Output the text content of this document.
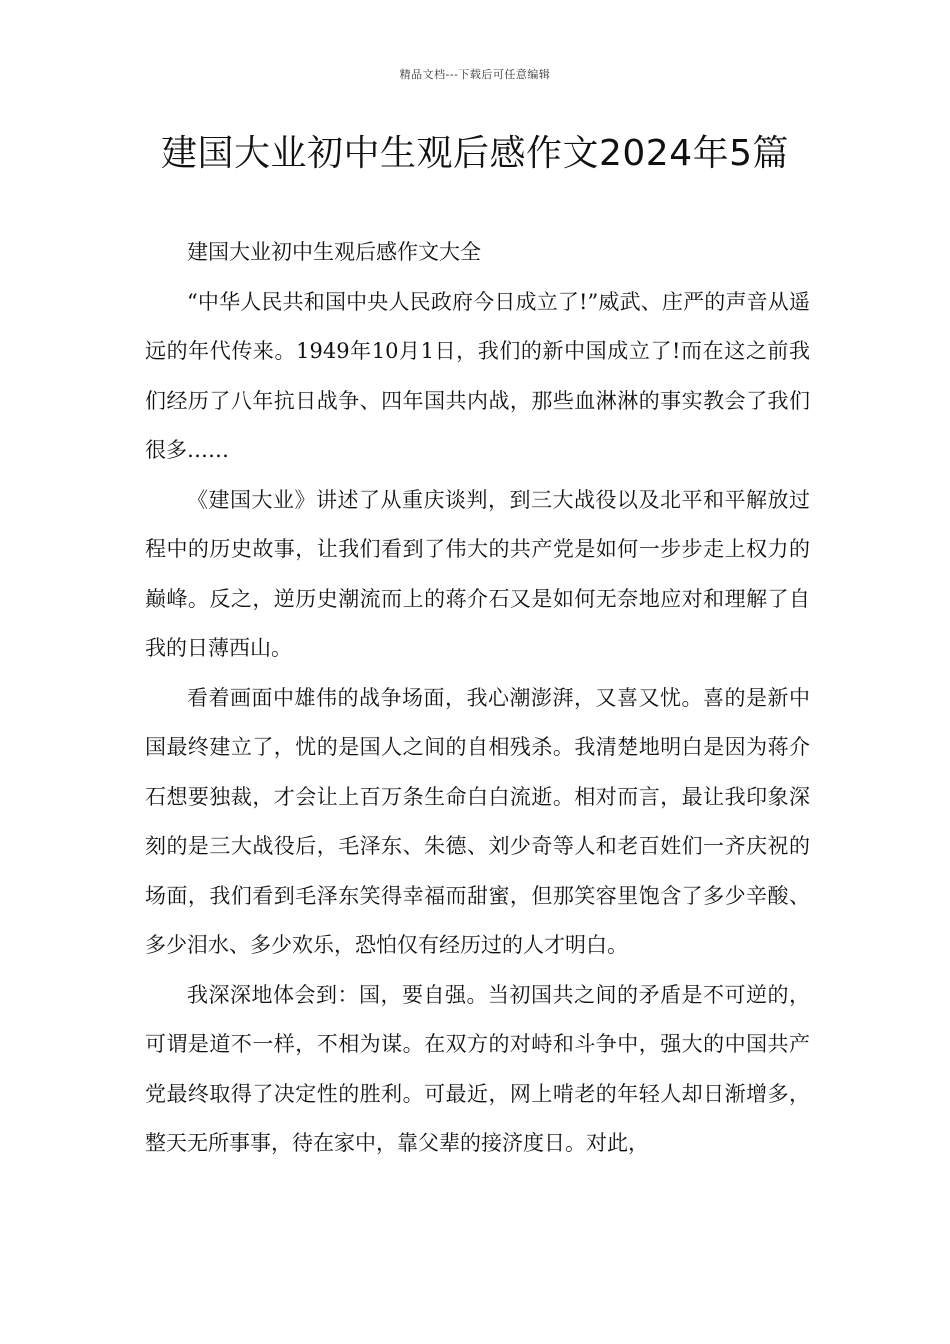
精品文档---下载后可任意编辑
建国大业初中生观后感作文2024年5篇

建国大业初中生观后感作文大全

“中华人民共和国中央人民政府今日成立了!”威武、庄严的声音从遥远的年代传来。1949年10月1日，我们的新中国成立了!而在这之前我们经历了八年抗日战争、四年国共内战，那些血淋淋的事实教会了我们很多……

《建国大业》讲述了从重庆谈判，到三大战役以及北平和平解放过程中的历史故事，让我们看到了伟大的共产党是如何一步步走上权力的巅峰。反之，逆历史潮流而上的蒋介石又是如何无奈地应对和理解了自我的日薄西山。

看着画面中雄伟的战争场面，我心潮澎湃，又喜又忧。喜的是新中国最终建立了，忧的是国人之间的自相残杀。我清楚地明白是因为蒋介石想要独裁，才会让上百万条生命白白流逝。相对而言，最让我印象深刻的是三大战役后，毛泽东、朱德、刘少奇等人和老百姓们一齐庆祝的场面，我们看到毛泽东笑得幸福而甜蜜，但那笑容里饱含了多少辛酸、多少泪水、多少欢乐，恐怕仅有经历过的人才明白。

我深深地体会到：国，要自强。当初国共之间的矛盾是不可逆的，可谓是道不一样，不相为谋。在双方的对峙和斗争中，强大的中国共产党最终取得了决定性的胜利。可最近，网上啃老的年轻人却日渐增多，整天无所事事，待在家中，靠父辈的接济度日。对此，
